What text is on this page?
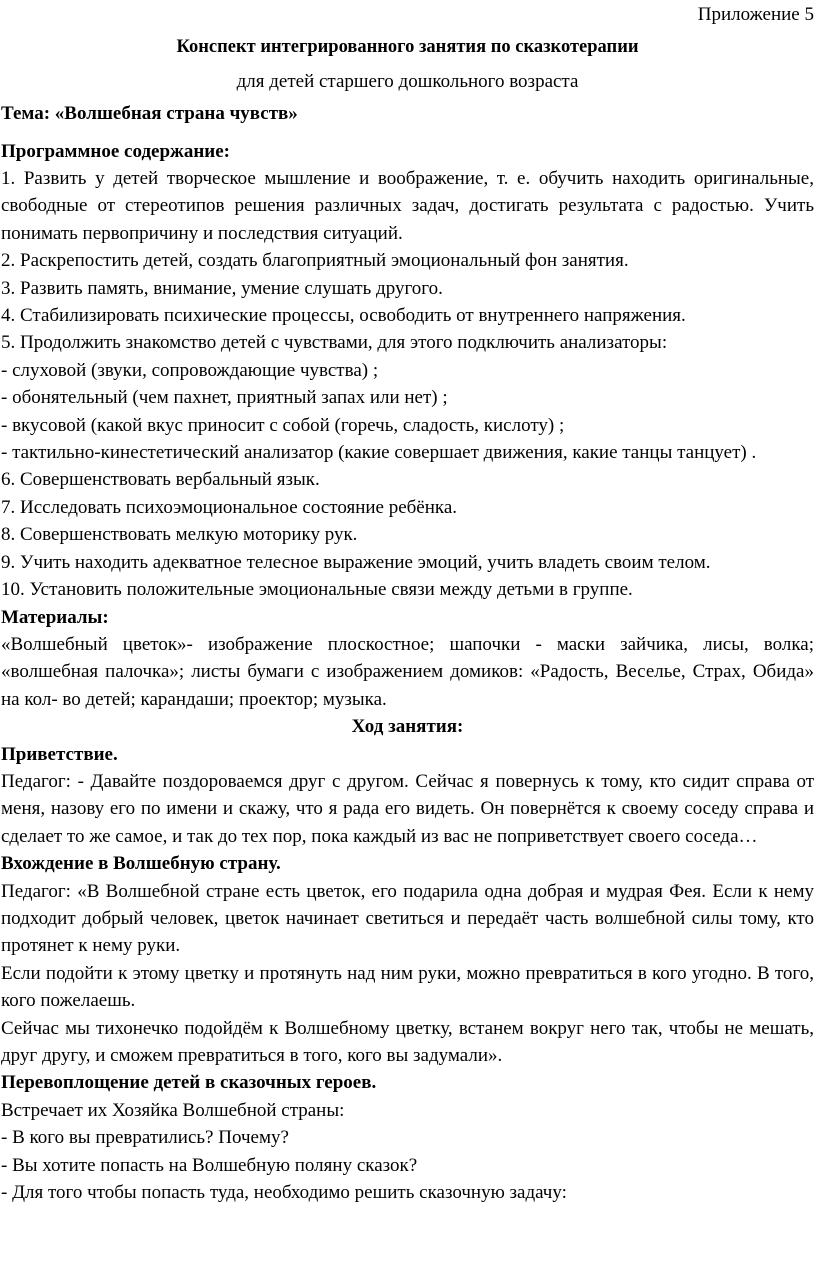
Приложение 5
Конспект интегрированного занятия по сказкотерапии
для детей старшего дошкольного возраста
Тема: «Волшебная страна чувств»
Программное содержание:

1. Развить у детей творческое мышление и воображение, т. е. обучить находить оригинальные, свободные от стереотипов решения различных задач, достигать результата с радостью. Учить понимать первопричину и последствия ситуаций.

2. Раскрепостить детей, создать благоприятный эмоциональный фон занятия.

3. Развить память, внимание, умение слушать другого.

4. Стабилизировать психические процессы, освободить от внутреннего напряжения.

5. Продолжить знакомство детей с чувствами, для этого подключить анализаторы:

- слуховой (звуки, сопровождающие чувства) ;

- обонятельный (чем пахнет, приятный запах или нет) ;

- вкусовой (какой вкус приносит с собой (горечь, сладость, кислоту) ;

- тактильно-кинестетический анализатор (какие совершает движения, какие танцы танцует) .

6. Совершенствовать вербальный язык.

7. Исследовать психоэмоциональное состояние ребёнка.

8. Совершенствовать мелкую моторику рук.

9. Учить находить адекватное телесное выражение эмоций, учить владеть своим телом.

10. Установить положительные эмоциональные связи между детьми в группе.

Материалы:

«Волшебный цветок»- изображение плоскостное; шапочки - маски зайчика, лисы, волка; «волшебная палочка»; листы бумаги с изображением домиков: «Радость, Веселье, Страх, Обида» на кол- во детей; карандаши; проектор; музыка.

Ход занятия:

Приветствие.

Педагог: - Давайте поздороваемся друг с другом. Сейчас я повернусь к тому, кто сидит справа от меня, назову его по имени и скажу, что я рада его видеть. Он повернётся к своему соседу справа и сделает то же самое, и так до тех пор, пока каждый из вас не поприветствует своего соседа…

Вхождение в Волшебную страну.

Педагог: «В Волшебной стране есть цветок, его подарила одна добрая и мудрая Фея. Если к нему подходит добрый человек, цветок начинает светиться и передаёт часть волшебной силы тому, кто протянет к нему руки.

Если подойти к этому цветку и протянуть над ним руки, можно превратиться в кого угодно. В того, кого пожелаешь.

Сейчас мы тихонечко подойдём к Волшебному цветку, встанем вокруг него так, чтобы не мешать, друг другу, и сможем превратиться в того, кого вы задумали».

Перевоплощение детей в сказочных героев.

Встречает их Хозяйка Волшебной страны:

- В кого вы превратились? Почему?

- Вы хотите попасть на Волшебную поляну сказок?

- Для того чтобы попасть туда, необходимо решить сказочную задачу:
